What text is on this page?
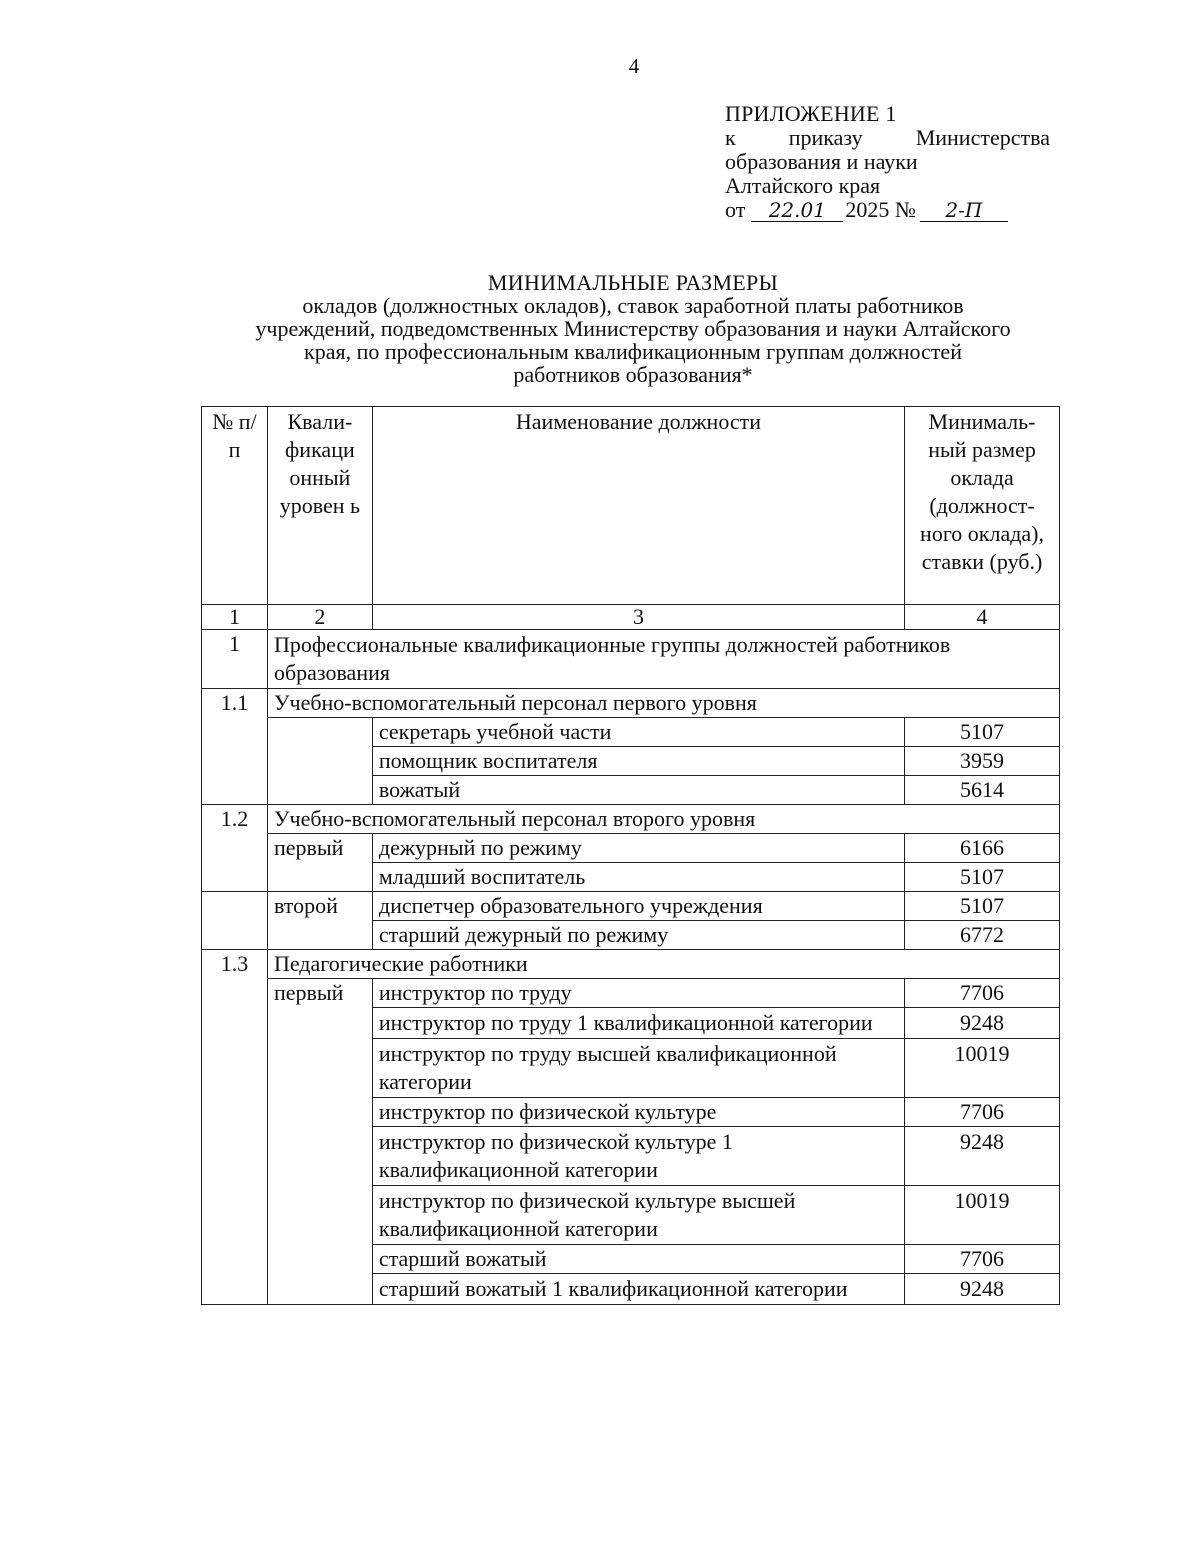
4
ПРИЛОЖЕНИЕ 1
к приказу Министерства
образования и науки
Алтайского края
от	22.01 2025 №	2-П
МИНИМАЛЬНЫЕ РАЗМЕРЫ
окладов (должностных окладов), ставок заработной платы работников
учреждений, подведомственных Министерству образования и науки Алтайского
края, по профессиональным квалификационным группам должностей
работников образования*
№ п/п	Квали-фикаци онный уровен ь	Наименование должности	Минималь-ный размер оклада (должност-ного оклада), ставки (руб.)
1	2	3	4
1	Профессиональные квалификационные группы должностей работников образования		
1.1	Учебно-вспомогательный персонал первого уровня		
		секретарь учебной части	5107
		помощник воспитателя	3959
		вожатый	5614
1.2	Учебно-вспомогательный персонал второго уровня		
	первый	дежурный по режиму	6166
		младший воспитатель	5107
	второй	диспетчер образовательного учреждения	5107
		старший дежурный по режиму	6772
1.3	Педагогические работники		
	первый	инструктор по труду	7706
		инструктор по труду 1 квалификационной категории	9248
		инструктор по труду высшей квалификационной категории	10019
		инструктор по физической культуре	7706
		инструктор по физической культуре 1 квалификационной категории	9248
		инструктор по физической культуре высшей квалификационной категории	10019
		старший вожатый	7706
		старший вожатый 1 квалификационной категории	9248
